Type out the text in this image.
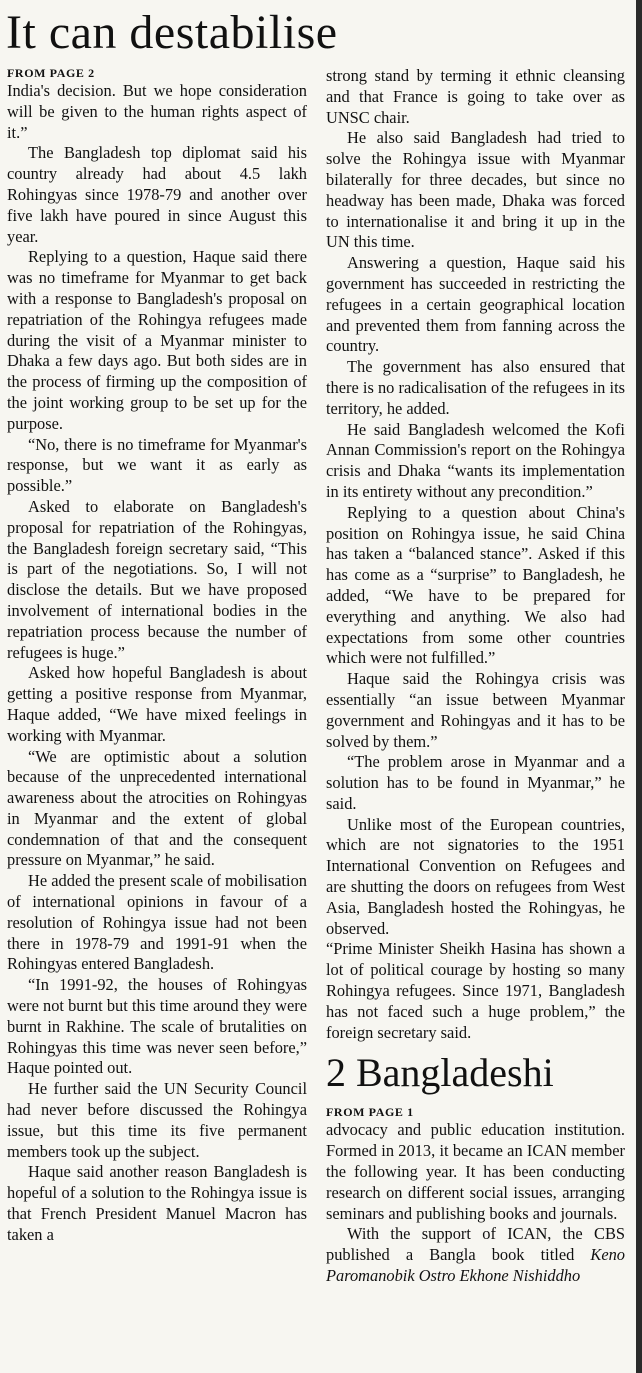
It can destabilise
FROM PAGE 2

India's decision. But we hope consideration will be given to the human rights aspect of it.”

The Bangladesh top diplomat said his country already had about 4.5 lakh Rohingyas since 1978-79 and another over five lakh have poured in since August this year.

Replying to a question, Haque said there was no timeframe for Myanmar to get back with a response to Bangladesh's proposal on repatriation of the Rohingya refugees made during the visit of a Myanmar minister to Dhaka a few days ago. But both sides are in the process of firming up the composition of the joint working group to be set up for the purpose.

“No, there is no timeframe for Myanmar's response, but we want it as early as possible.”

Asked to elaborate on Bangladesh's proposal for repatriation of the Rohingyas, the Bangladesh foreign secretary said, “This is part of the negotiations. So, I will not disclose the details. But we have proposed involvement of international bodies in the repatriation process because the number of refugees is huge.”

Asked how hopeful Bangladesh is about getting a positive response from Myanmar, Haque added, “We have mixed feelings in working with Myanmar.

“We are optimistic about a solution because of the unprecedented international awareness about the atrocities on Rohingyas in Myanmar and the extent of global condemnation of that and the consequent pressure on Myanmar,” he said.

He added the present scale of mobilisation of international opinions in favour of a resolution of Rohingya issue had not been there in 1978-79 and 1991-91 when the Rohingyas entered Bangladesh.

“In 1991-92, the houses of Rohingyas were not burnt but this time around they were burnt in Rakhine. The scale of brutalities on Rohingyas this time was never seen before,” Haque pointed out.

He further said the UN Security Council had never before discussed the Rohingya issue, but this time its five permanent members took up the subject.

Haque said another reason Bangladesh is hopeful of a solution to the Rohingya issue is that French President Manuel Macron has taken a

strong stand by terming it ethnic cleansing and that France is going to take over as UNSC chair.

He also said Bangladesh had tried to solve the Rohingya issue with Myanmar bilaterally for three decades, but since no headway has been made, Dhaka was forced to internationalise it and bring it up in the UN this time.

Answering a question, Haque said his government has succeeded in restricting the refugees in a certain geographical location and prevented them from fanning across the country.

The government has also ensured that there is no radicalisation of the refugees in its territory, he added.

He said Bangladesh welcomed the Kofi Annan Commission's report on the Rohingya crisis and Dhaka “wants its implementation in its entirety without any precondition.”

Replying to a question about China's position on Rohingya issue, he said China has taken a “balanced stance”. Asked if this has come as a “surprise” to Bangladesh, he added, “We have to be prepared for everything and anything. We also had expectations from some other countries which were not fulfilled.”

Haque said the Rohingya crisis was essentially “an issue between Myanmar government and Rohingyas and it has to be solved by them.”

“The problem arose in Myanmar and a solution has to be found in Myanmar,” he said.

Unlike most of the European countries, which are not signatories to the 1951 International Convention on Refugees and are shutting the doors on refugees from West Asia, Bangladesh hosted the Rohingyas, he observed.

“Prime Minister Sheikh Hasina has shown a lot of political courage by hosting so many Rohingya refugees. Since 1971, Bangladesh has not faced such a huge problem,” the foreign secretary said.

2 Bangladeshi
FROM PAGE 1

advocacy and public education institution. Formed in 2013, it became an ICAN member the following year. It has been conducting research on different social issues, arranging seminars and publishing books and journals.

With the support of ICAN, the CBS published a Bangla book titled Keno Paromanobik Ostro Ekhone Nishiddho
